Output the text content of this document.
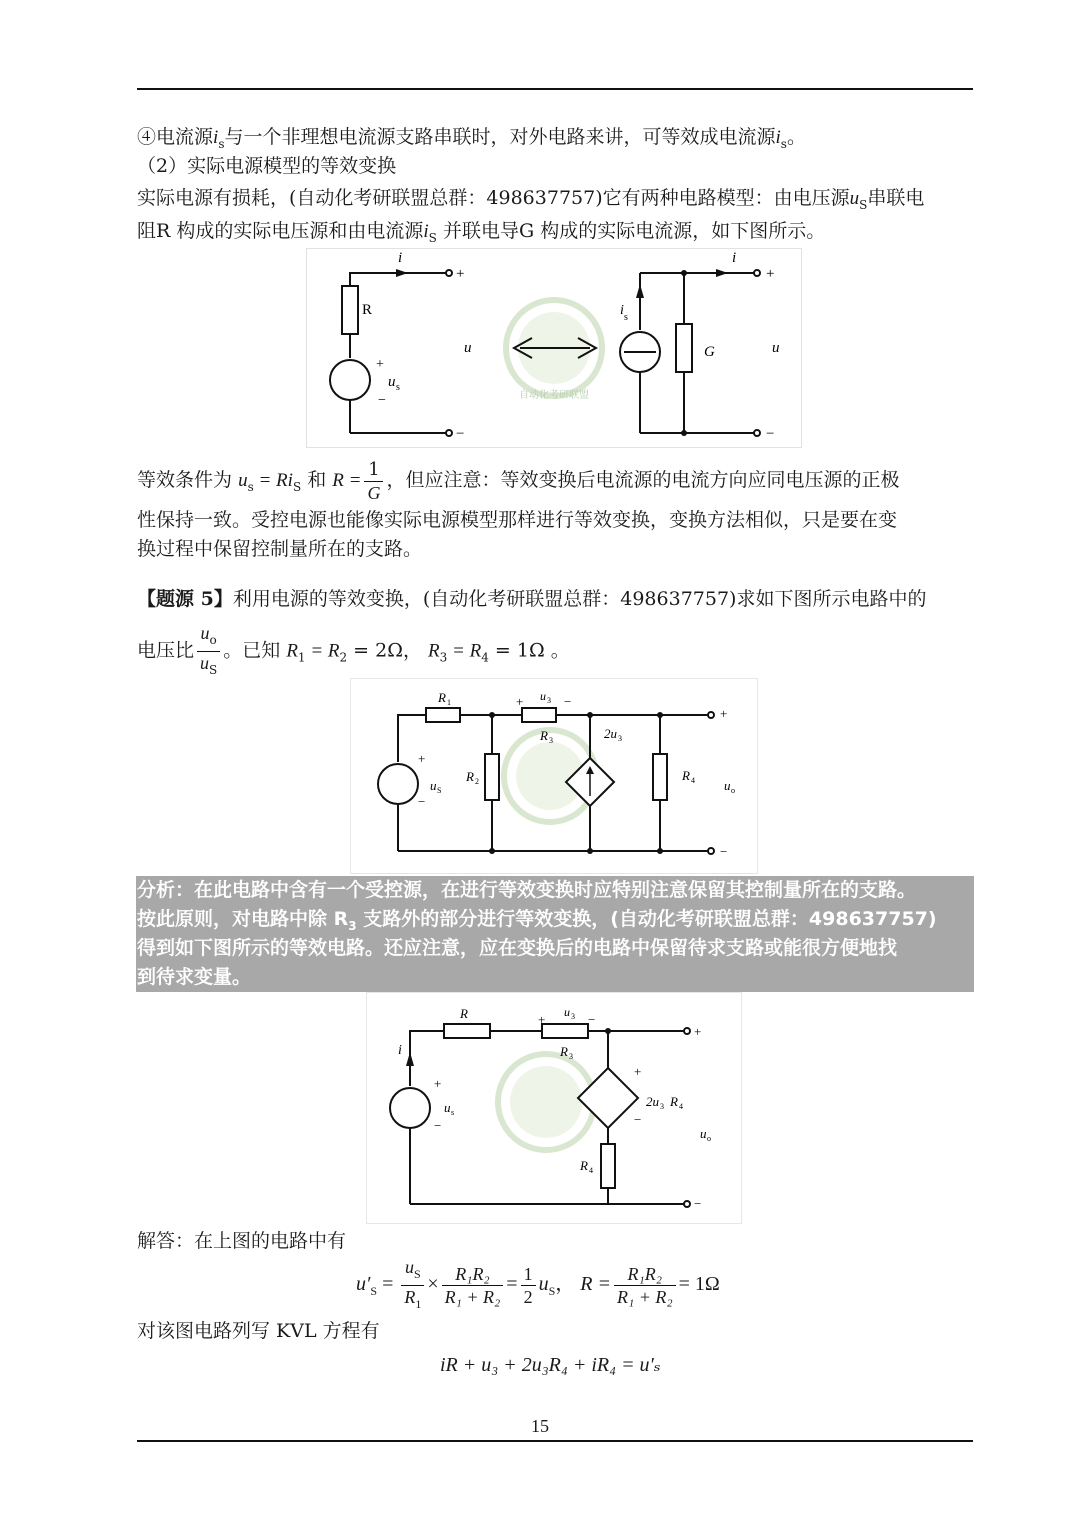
④电流源$i_s$与一个非理想电流源支路串联时，对外电路来讲，可等效成电流源$i_s$。
（2）实际电源模型的等效变换
实际电源有损耗，(自动化考研联盟总群：498637757)它有两种电路模型：由电压源$u_S$串联电
阻R 构成的实际电压源和由电流源$i_S$ 并联电导G 构成的实际电流源，如下图所示。
自动化考研联盟
i
+
−
R
+
u s
−
u
i
+
−
i s
G	u
等效条件为 $u_s = Ri_S$ 和 $R = \frac{1}{G}$ ，但应注意：等效变换后电流源的电流方向应同电压源的正极
性保持一致。受控电源也能像实际电源模型那样进行等效变换，变换方法相似，只是要在变
换过程中保留控制量所在的支路。
【题源 5】利用电源的等效变换，(自动化考研联盟总群：498637757)求如下图所示电路中的
电压比 $\frac{u_o}{u_S}$ 。已知 $R_1 = R_2 = 2\Omega$， $R_3 = R_4 = 1\Omega$ 。
R 1	+ u 3 −
R 3	2u 3
R 2	R 4
+
u S
−
u o
+
−
分析：在此电路中含有一个受控源，在进行等效变换时应特别注意保留其控制量所在的支路。
按此原则，对电路中除 $R_3$ 支路外的部分进行等效变换，(自动化考研联盟总群：498637757)
得到如下图所示的等效电路。还应注意，应在变换后的电路中保留待求支路或能很方便地找
到待求变量。
R	+ u 3 −
R 3
i
+
u s
−
+
2u 3 R 4
−
R 4
u o
+
−
解答：在上图的电路中有
$u'_S = \frac{u_S}{R_1} \times \frac{\text{R₁R₂}}{\text{R₁ + R₂}} = \frac{1}{2} u_S$， $R = \frac{\text{R₁R₂}}{\text{R₁ + R₂}} = 1\Omega$
对该图电路列写 KVL 方程有
iR + u₃ + 2u₃R₄ + iR₄ = u′ₛ
15
